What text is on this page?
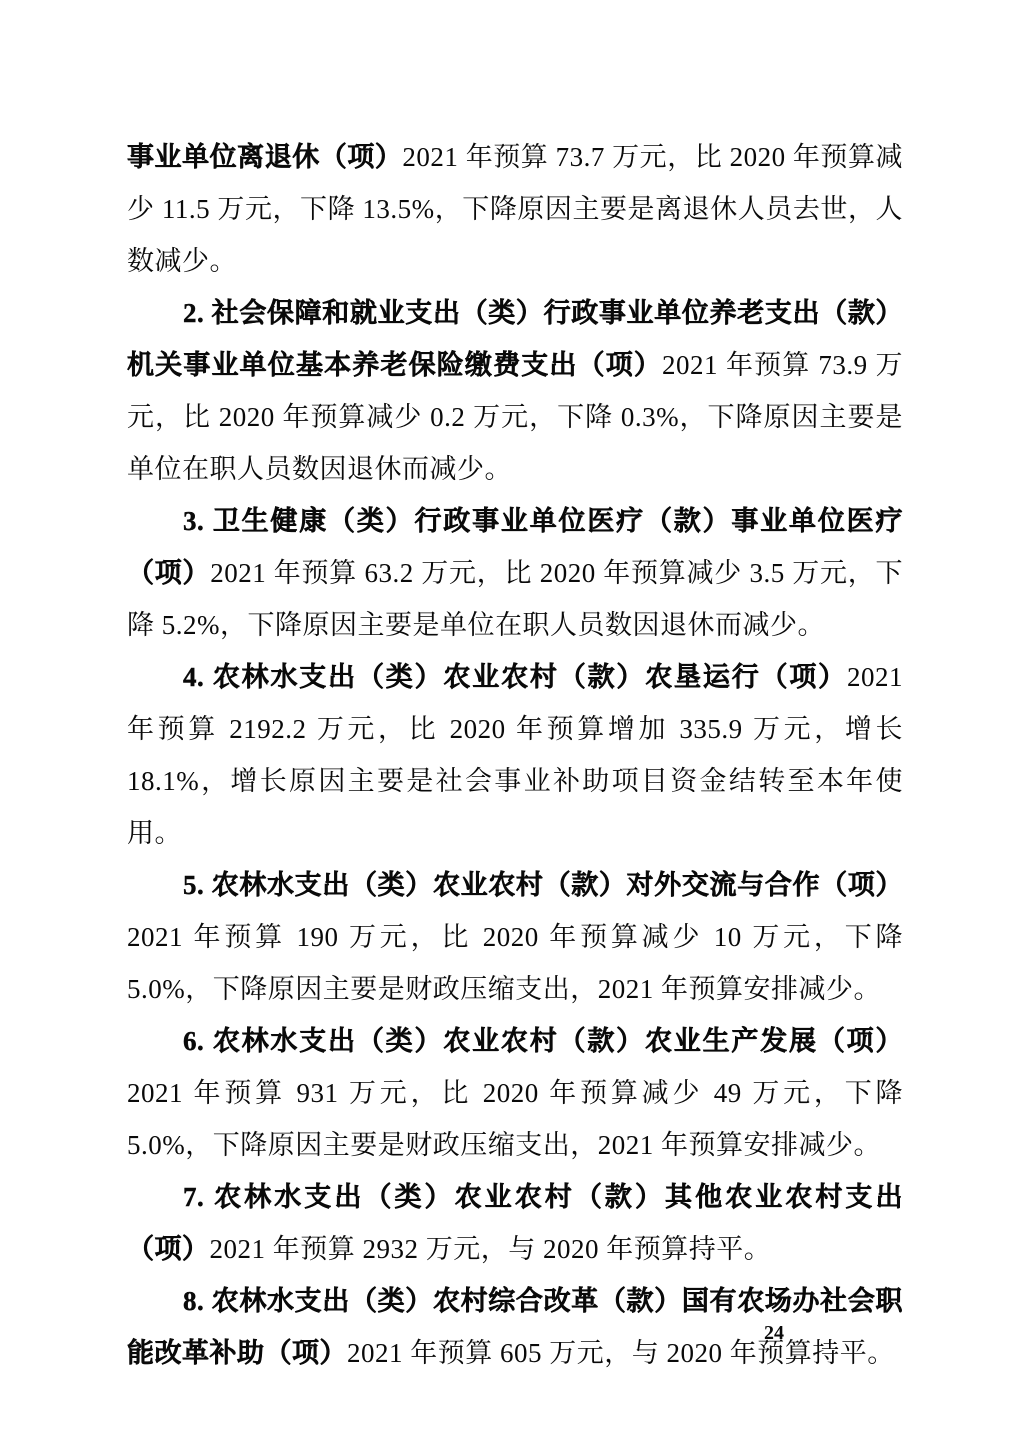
事业单位离退休（项）2021 年预算 73.7 万元，比 2020 年预算减少 11.5 万元，下降 13.5%，下降原因主要是离退休人员去世，人数减少。

2. 社会保障和就业支出（类）行政事业单位养老支出（款）机关事业单位基本养老保险缴费支出（项）2021 年预算 73.9 万元，比 2020 年预算减少 0.2 万元，下降 0.3%，下降原因主要是单位在职人员数因退休而减少。

3. 卫生健康（类）行政事业单位医疗（款）事业单位医疗（项）2021 年预算 63.2 万元，比 2020 年预算减少 3.5 万元，下降 5.2%，下降原因主要是单位在职人员数因退休而减少。

4. 农林水支出（类）农业农村（款）农垦运行（项）2021 年预算 2192.2 万元，比 2020 年预算增加 335.9 万元，增长 18.1%，增长原因主要是社会事业补助项目资金结转至本年使用。

5. 农林水支出（类）农业农村（款）对外交流与合作（项）2021 年预算 190 万元，比 2020 年预算减少 10 万元，下降 5.0%，下降原因主要是财政压缩支出，2021 年预算安排减少。

6. 农林水支出（类）农业农村（款）农业生产发展（项）2021 年预算 931 万元，比 2020 年预算减少 49 万元，下降 5.0%，下降原因主要是财政压缩支出，2021 年预算安排减少。

7. 农林水支出（类）农业农村（款）其他农业农村支出（项）2021 年预算 2932 万元，与 2020 年预算持平。

8. 农林水支出（类）农村综合改革（款）国有农场办社会职能改革补助（项）2021 年预算 605 万元，与 2020 年预算持平。

24
